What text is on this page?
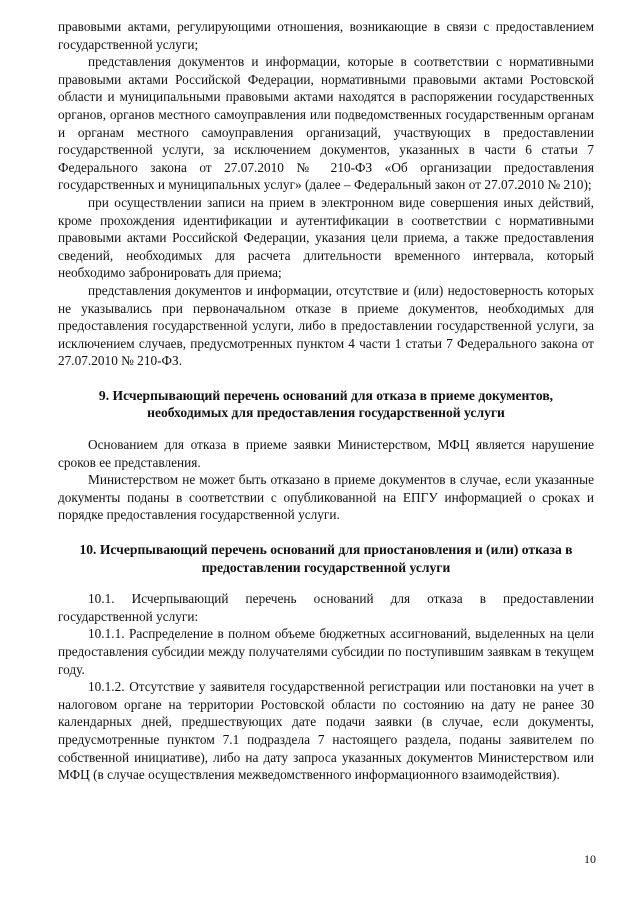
правовыми актами, регулирующими отношения, возникающие в связи с предоставлением государственной услуги;

представления документов и информации, которые в соответствии с нормативными правовыми актами Российской Федерации, нормативными правовыми актами Ростовской области и муниципальными правовыми актами находятся в распоряжении государственных органов, органов местного самоуправления или подведомственных государственным органам и органам местного самоуправления организаций, участвующих в предоставлении государственной услуги, за исключением документов, указанных в части 6 статьи 7 Федерального закона от 27.07.2010 № 210-ФЗ «Об организации предоставления государственных и муниципальных услуг» (далее – Федеральный закон от 27.07.2010 № 210);

при осуществлении записи на прием в электронном виде совершения иных действий, кроме прохождения идентификации и аутентификации в соответствии с нормативными правовыми актами Российской Федерации, указания цели приема, а также предоставления сведений, необходимых для расчета длительности временного интервала, который необходимо забронировать для приема;

представления документов и информации, отсутствие и (или) недостоверность которых не указывались при первоначальном отказе в приеме документов, необходимых для предоставления государственной услуги, либо в предоставлении государственной услуги, за исключением случаев, предусмотренных пунктом 4 части 1 статьи 7 Федерального закона от 27.07.2010 № 210-ФЗ.

9. Исчерпывающий перечень оснований для отказа в приеме документов, необходимых для предоставления государственной услуги

Основанием для отказа в приеме заявки Министерством, МФЦ является нарушение сроков ее представления.

Министерством не может быть отказано в приеме документов в случае, если указанные документы поданы в соответствии с опубликованной на ЕПГУ информацией о сроках и порядке предоставления государственной услуги.

10. Исчерпывающий перечень оснований для приостановления и (или) отказа в предоставлении государственной услуги

10.1. Исчерпывающий перечень оснований для отказа в предоставлении государственной услуги:

10.1.1. Распределение в полном объеме бюджетных ассигнований, выделенных на цели предоставления субсидии между получателями субсидии по поступившим заявкам в текущем году.

10.1.2. Отсутствие у заявителя государственной регистрации или постановки на учет в налоговом органе на территории Ростовской области по состоянию на дату не ранее 30 календарных дней, предшествующих дате подачи заявки (в случае, если документы, предусмотренные пунктом 7.1 подраздела 7 настоящего раздела, поданы заявителем по собственной инициативе), либо на дату запроса указанных документов Министерством или МФЦ (в случае осуществления межведомственного информационного взаимодействия).

10
